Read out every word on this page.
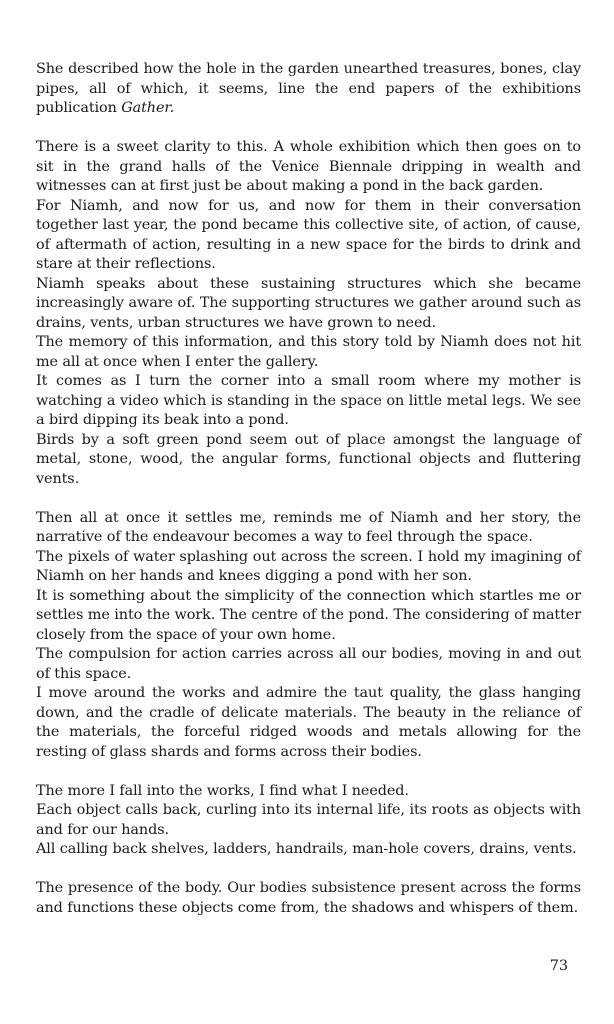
She described how the hole in the garden unearthed treasures, bones, clay pipes, all of which, it seems, line the end papers of the exhibitions publication Gather.

There is a sweet clarity to this. A whole exhibition which then goes on to sit in the grand halls of the Venice Biennale dripping in wealth and witnesses can at first just be about making a pond in the back garden.

For Niamh, and now for us, and now for them in their conversation together last year, the pond became this collective site, of action, of cause, of aftermath of action, resulting in a new space for the birds to drink and stare at their reflections.

Niamh speaks about these sustaining structures which she became increasingly aware of. The supporting structures we gather around such as drains, vents, urban structures we have grown to need.

The memory of this information, and this story told by Niamh does not hit me all at once when I enter the gallery.

It comes as I turn the corner into a small room where my mother is watching a video which is standing in the space on little metal legs. We see a bird dipping its beak into a pond.

Birds by a soft green pond seem out of place amongst the language of metal, stone, wood, the angular forms, functional objects and fluttering vents.

Then all at once it settles me, reminds me of Niamh and her story, the narrative of the endeavour becomes a way to feel through the space.

The pixels of water splashing out across the screen. I hold my imagining of Niamh on her hands and knees digging a pond with her son.

It is something about the simplicity of the connection which startles me or settles me into the work. The centre of the pond. The considering of matter closely from the space of your own home.

The compulsion for action carries across all our bodies, moving in and out of this space.

I move around the works and admire the taut quality, the glass hanging down, and the cradle of delicate materials. The beauty in the reliance of the materials, the forceful ridged woods and metals allowing for the resting of glass shards and forms across their bodies.

The more I fall into the works, I find what I needed.

Each object calls back, curling into its internal life, its roots as objects with and for our hands.

All calling back shelves, ladders, handrails, man-hole covers, drains, vents.

The presence of the body. Our bodies subsistence present across the forms and functions these objects come from, the shadows and whispers of them.

73
